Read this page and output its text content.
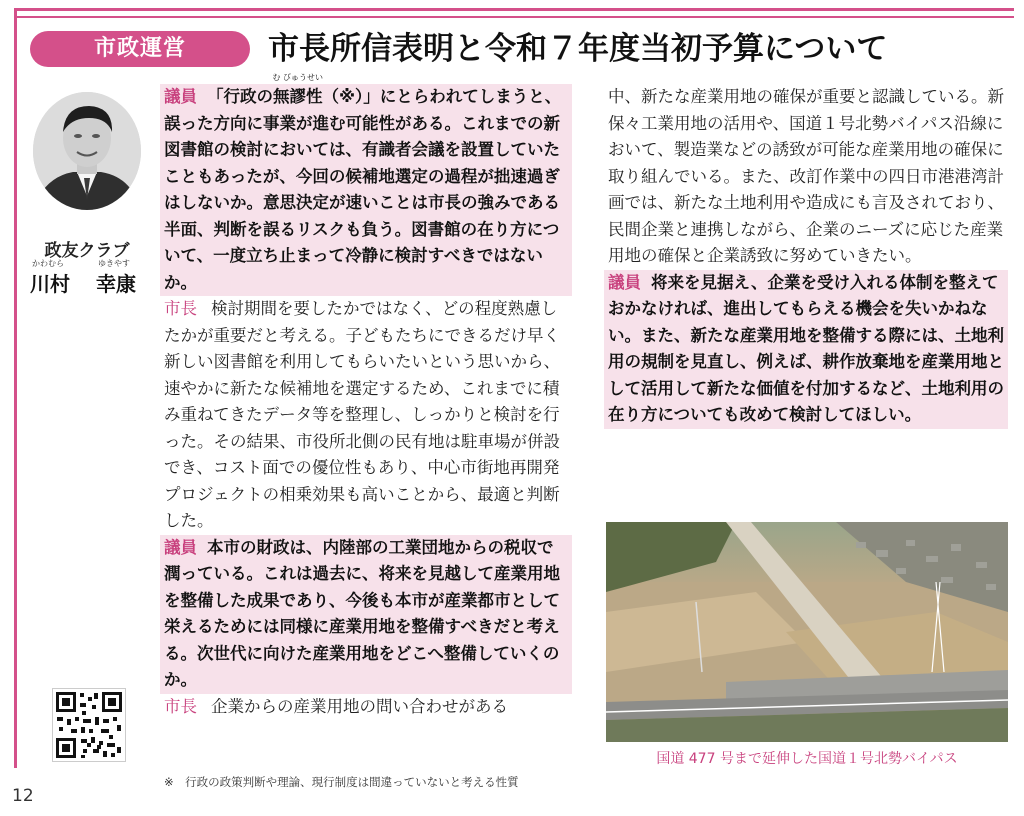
市政運営	市長所信表明と令和７年度当初予算について
政友クラブ
かわむら	ゆきやす
川村 幸康
12

議員 「行政の
む びゅうせい
無謬性（※）」にとらわれてしまうと、誤った方向に事業が進む可能性がある。これまでの新図書館の検討においては、有識者会議を設置していたこともあったが、今回の候補地選定の過程が拙速過ぎはしないか。意思決定が速いことは市長の強みである半面、判断を誤るリスクも負う。図書館の在り方について、一度立ち止まって冷静に検討すべきではないか。

市長 検討期間を要したかではなく、どの程度熟慮したかが重要だと考える。子どもたちにできるだけ早く新しい図書館を利用してもらいたいという思いから、速やかに新たな候補地を選定するため、これまでに積み重ねてきたデータ等を整理し、しっかりと検討を行った。その結果、市役所北側の民有地は駐車場が併設でき、コスト面での優位性もあり、中心市街地再開発プロジェクトの相乗効果も高いことから、最適と判断した。

議員 本市の財政は、内陸部の工業団地からの税収で潤っている。これは過去に、将来を見越して産業用地を整備した成果であり、今後も本市が産業都市として栄えるためには同様に産業用地を整備すべきだと考える。次世代に向けた産業用地をどこへ整備していくのか。

市長 企業からの産業用地の問い合わせがある

※　行政の政策判断や理論、現行制度は間違っていないと考える性質

中、新たな産業用地の確保が重要と認識している。新保々工業用地の活用や、国道１号北勢バイパス沿線において、製造業などの誘致が可能な産業用地の確保に取り組んでいる。また、改訂作業中の四日市港港湾計画では、新たな土地利用や造成にも言及されており、民間企業と連携しながら、企業のニーズに応じた産業用地の確保と企業誘致に努めていきたい。

議員 将来を見据え、企業を受け入れる体制を整えておかなければ、進出してもらえる機会を失いかねない。また、新たな産業用地を整備する際には、土地利用の規制を見直し、例えば、耕作放棄地を産業用地として活用して新たな価値を付加するなど、土地利用の在り方についても改めて検討してほしい。

国道 477 号まで延伸した国道１号北勢バイパス
